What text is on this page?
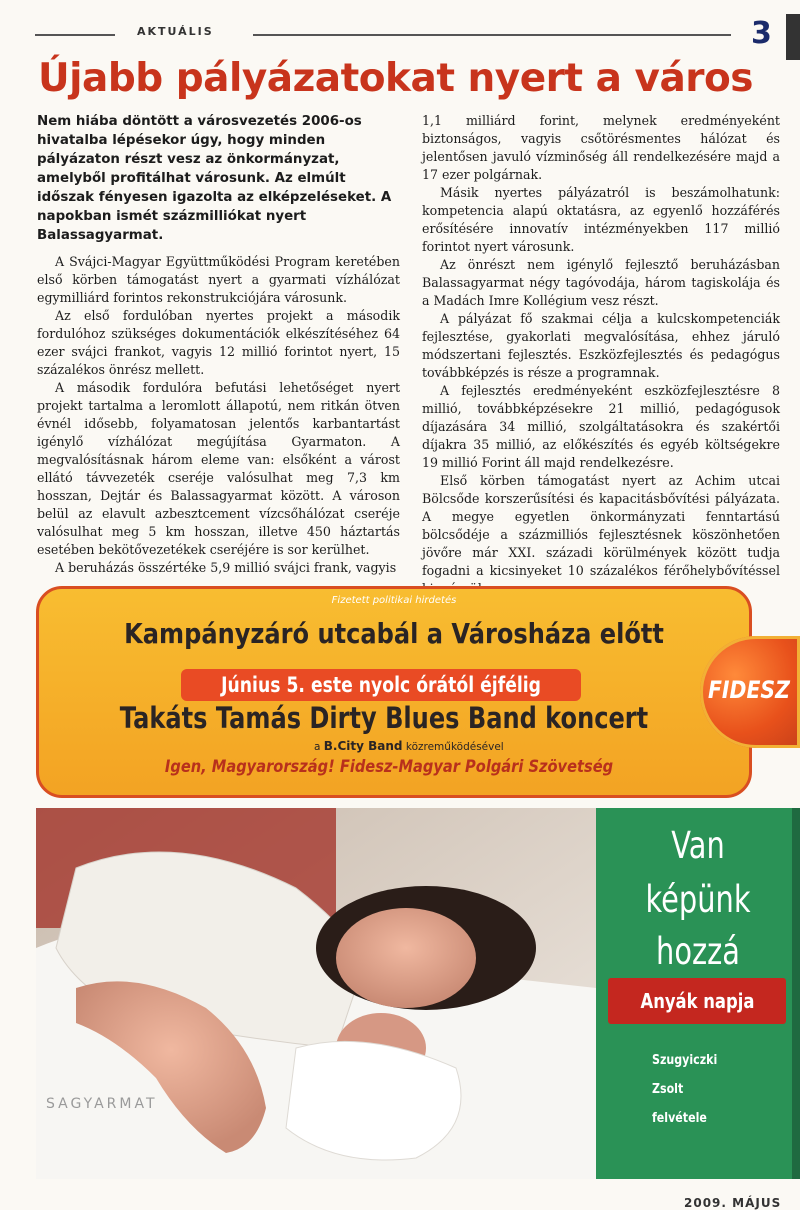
AKTUÁLIS	3
Újabb pályázatokat nyert a város

Nem hiába döntött a városvezetés 2006-os hivatalba lépésekor úgy, hogy minden pályázaton részt vesz az önkormányzat, amelyből profitálhat városunk. Az elmúlt időszak fényesen igazolta az elképzeléseket. A napokban ismét százmilliókat nyert Balassagyarmat.

A Svájci-Magyar Együttműködési Program keretében első körben támogatást nyert a gyarmati vízhálózat egymilliárd forintos rekonstrukciójára városunk.

Az első fordulóban nyertes projekt a második fordulóhoz szükséges dokumentációk elkészítéséhez 64 ezer svájci frankot, vagyis 12 millió forintot nyert, 15 százalékos önrész mellett.

A második fordulóra befutási lehetőséget nyert projekt tartalma a leromlott állapotú, nem ritkán ötven évnél idősebb, folyamatosan jelentős karbantartást igénylő vízhálózat megújítása Gyarmaton. A megvalósításnak három eleme van: elsőként a várost ellátó távvezeték cseréje valósulhat meg 7,3 km hosszan, Dejtár és Balassagyarmat között. A városon belül az elavult azbesztcement vízcsőhálózat cseréje valósulhat meg 5 km hosszan, illetve 450 háztartás esetében bekötővezetékek cseréjére is sor kerülhet.

A beruházás összértéke 5,9 millió svájci frank, vagyis

1,1 milliárd forint, melynek eredményeként biztonságos, vagyis csőtörésmentes hálózat és jelentősen javuló vízminőség áll rendelkezésére majd a 17 ezer polgárnak.

Másik nyertes pályázatról is beszámolhatunk: kompetencia alapú oktatásra, az egyenlő hozzáférés erősítésére innovatív intézményekben 117 millió forintot nyert városunk.

Az önrészt nem igénylő fejlesztő beruházásban Balassagyarmat négy tagóvodája, három tagiskolája és a Madách Imre Kollégium vesz részt.

A pályázat fő szakmai célja a kulcskompetenciák fejlesztése, gyakorlati megvalósítása, ehhez járuló módszertani fejlesztés. Eszközfejlesztés és pedagógus továbbképzés is része a programnak.

A fejlesztés eredményeként eszközfejlesztésre 8 millió, továbbképzésekre 21 millió, pedagógusok díjazására 34 millió, szolgáltatásokra és szakértői díjakra 35 millió, az előkészítés és egyéb költségekre 19 millió Forint áll majd rendelkezésre.

Első körben támogatást nyert az Achim utcai Bölcsőde korszerűsítési és kapacitásbővítési pályázata. A megye egyetlen önkormányzati fenntartású bölcsődéje a százmilliós fejlesztésnek köszönhetően jövőre már XXI. századi körülmények között tudja fogadni a kicsinyeket 10 százalékos férőhelybővítéssel

Fizetett politikai hirdetés
Kampányzáró utcabál a Városháza előtt
Június 5. este nyolc órától éjfélig
Takáts Tamás Dirty Blues Band koncert
a B.City Band közreműködésével
Igen, Magyarország! Fidesz-Magyar Polgári Szövetség
FIDESZ
SAGYARMAT
Van
képünk
hozzá
Anyák napja
Szugyiczki
Zsolt
felvétele
2009. MÁJUS
